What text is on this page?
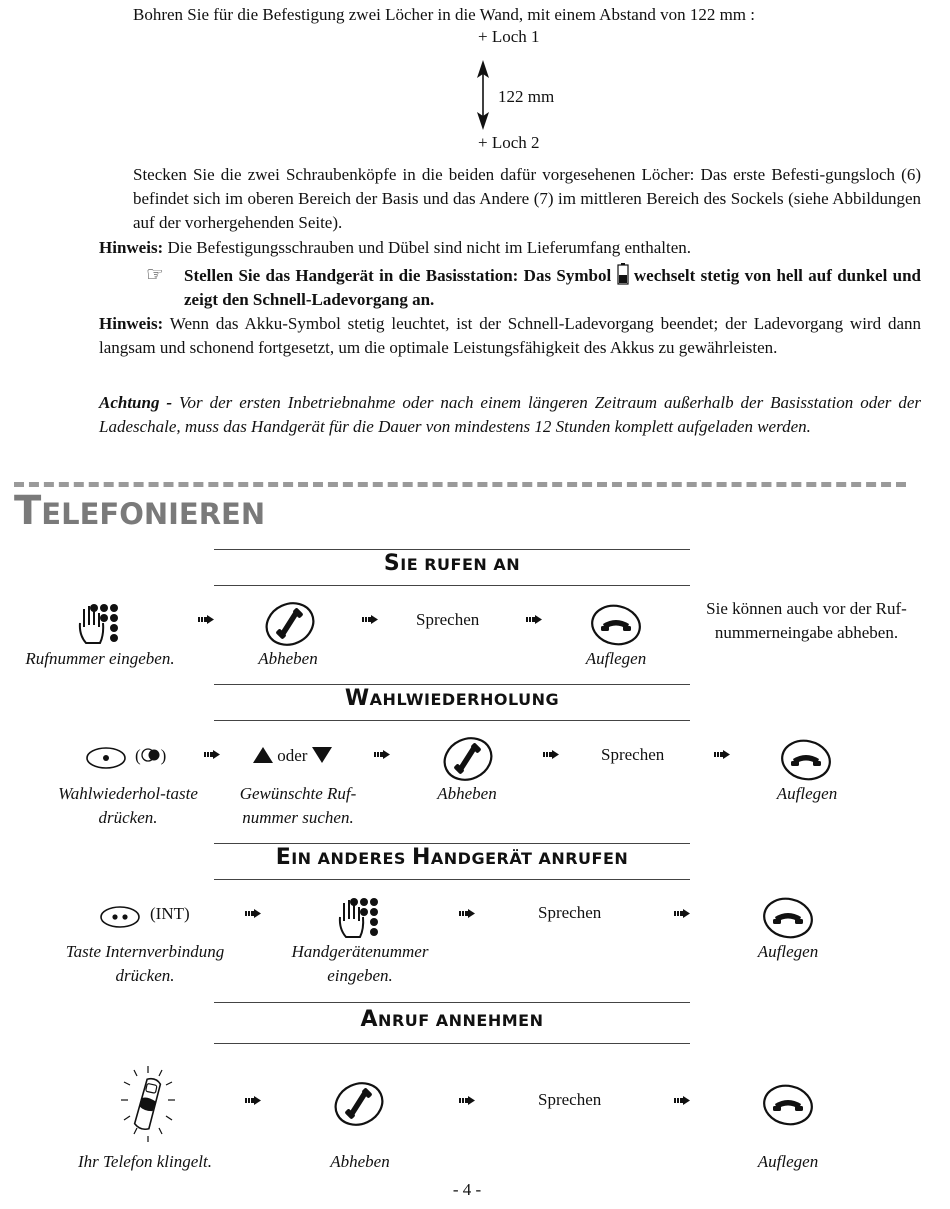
Bohren Sie für die Befestigung zwei Löcher in die Wand, mit einem Abstand von 122 mm :
+ Loch 1
122 mm
+ Loch 2
Stecken Sie die zwei Schraubenköpfe in die beiden dafür vorgesehenen Löcher: Das erste Befesti-gungsloch (6) befindet sich im oberen Bereich der Basis und das Andere (7) im mittleren Bereich des Sockels (siehe Abbildungen auf der vorhergehenden Seite).
Hinweis: Die Befestigungsschrauben und Dübel sind nicht im Lieferumfang enthalten.
☞ Stellen Sie das Handgerät in die Basisstation: Das Symbol wechselt stetig von hell auf dunkel und zeigt den Schnell-Ladevorgang an.
Hinweis: Wenn das Akku-Symbol stetig leuchtet, ist der Schnell-Ladevorgang beendet; der Ladevorgang wird dann langsam und schonend fortgesetzt, um die optimale Leistungsfähigkeit des Akkus zu gewährleisten.
Achtung - Vor der ersten Inbetriebnahme oder nach einem längeren Zeitraum außerhalb der Basisstation oder der Ladeschale, muss das Handgerät für die Dauer von mindestens 12 Stunden komplett aufgeladen werden.
TELEFONIEREN
SIE RUFEN AN
Sprechen
Sie können auch vor der Ruf-nummerneingabe abheben.
Rufnummer eingeben.	Abheben	Auflegen
WAHLWIEDERHOLUNG
( )	oder	Sprechen
Wahlwiederhol-taste drücken.
Gewünschte Ruf-nummer suchen.
Abheben	Auflegen
EIN ANDERES HANDGERÄT ANRUFEN
(INT)	Sprechen
Taste Internverbindung drücken.
Handgerätenummer eingeben.
Auflegen
ANRUF ANNEHMEN
Sprechen
Ihr Telefon klingelt.	Abheben	Auflegen
- 4 -
